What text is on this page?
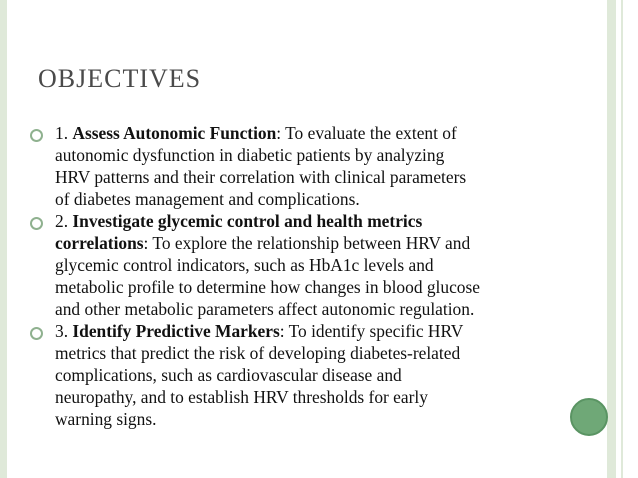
OBJECTIVES
1. Assess Autonomic Function: To evaluate the extent of
autonomic dysfunction in diabetic patients by analyzing
HRV patterns and their correlation with clinical parameters
of diabetes management and complications.
2. Investigate glycemic control and health metrics
correlations: To explore the relationship between HRV and
glycemic control indicators, such as HbA1c levels and
metabolic profile to determine how changes in blood glucose
and other metabolic parameters affect autonomic regulation.
3. Identify Predictive Markers: To identify specific HRV
metrics that predict the risk of developing diabetes-related
complications, such as cardiovascular disease and
neuropathy, and to establish HRV thresholds for early
warning signs.
